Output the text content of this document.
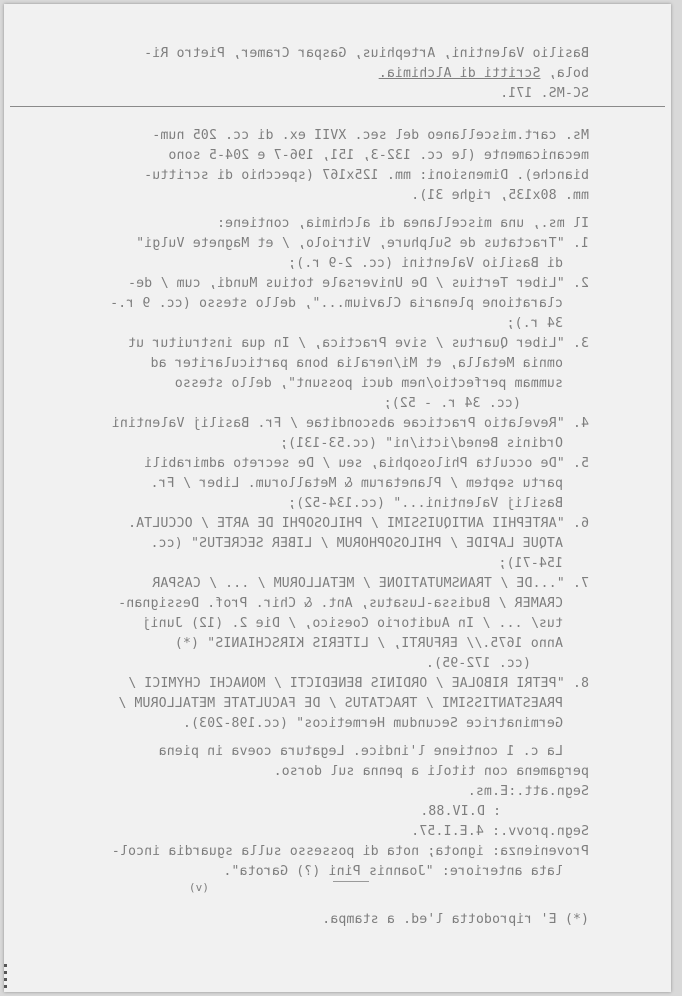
Basilio Valentini, Artephius, Gaspar Cramer, Pietro Ri-
bola, Scritti di Alchimia.
SC-MS. 171.
Ms. cart.miscellaneo del sec. XVII ex. di cc. 205 num-
mecanicamente (le cc. 132-3, 151, 196-7 e 204-5 sono
bianche). Dimensioni: mm. 125x167 (specchio di scrittu-
mm. 80x135, righe 31).
Il ms., una miscellanea di alchimia, contiene:
1. "Tractatus de Sulphure, Vitriolo, / et Magnete Vulgi"
di Basilio Valentini (cc. 2-9 r.);
2. "Liber Tertius / De Universale totius Mundi, cum / de-
claratione plenaria Clavium...", dello stesso (cc. 9 r.-
34 r.);
3. "Liber Quartus / sive Practica, / In qua instruitur ut
omnia Metalla, et Mi/neralia bona particulariter ad
summam perfectio/nem duci possunt", dello stesso
(cc. 34 r. - 52);
4. "Revelatio Practicae absconditae / Fr. Basilij Valentini
Ordinis Bened/icti/ni" (cc.53-131);
5. "De occulta Philosophia, seu / De secreto admirabili
partu septem / Planetarum & Metallorum. Liber / Fr.
Basilij Valentini..." (cc.134-52);
6. "ARTEPHII ANTIQUISSIMI / PHILOSOPHI DE ARTE / OCCULTA.
ATQUE LAPIDE / PHILOSOPHORUM / LIBER SECRETUS" (cc.
154-71);
7. "...DE / TRANSMUTATIONE / METALLORUM / ... / CASPAR
CRAMER / Budissa-Lusatus, Ant. & Chir. Prof. Dessignan-
tus/ ... / In Auditorio Coesico, / Die 2. (12) Junij
Anno 1675.// ERFURTI, / LITERIS KIRSCHIANIS" (*)
(cc. 172-95).
8. "PETRI RIBOLAE / ORDINIS BENEDICTI / MONACHI CHYMICI /
PRAESTANTISSIMI / TRACTATUS / DE FACULTATE METALLORUM /
Germinatrice Secundum Hermeticos" (cc.198-203).
La c. 1 contiene l'indice. Legatura coeva in piena
pergamena con titoli a penna sul dorso.
Segn.att.:E.ms.
: D.IV.88.
Segn.provv.: 4.E.I.57.
Provenienza: ignota; nota di possesso sulla sguardia incol-
lata anteriore: "Joannis Pini (?) Garota".
(v)
(*) E' riprodotta l'ed. a stampa.
